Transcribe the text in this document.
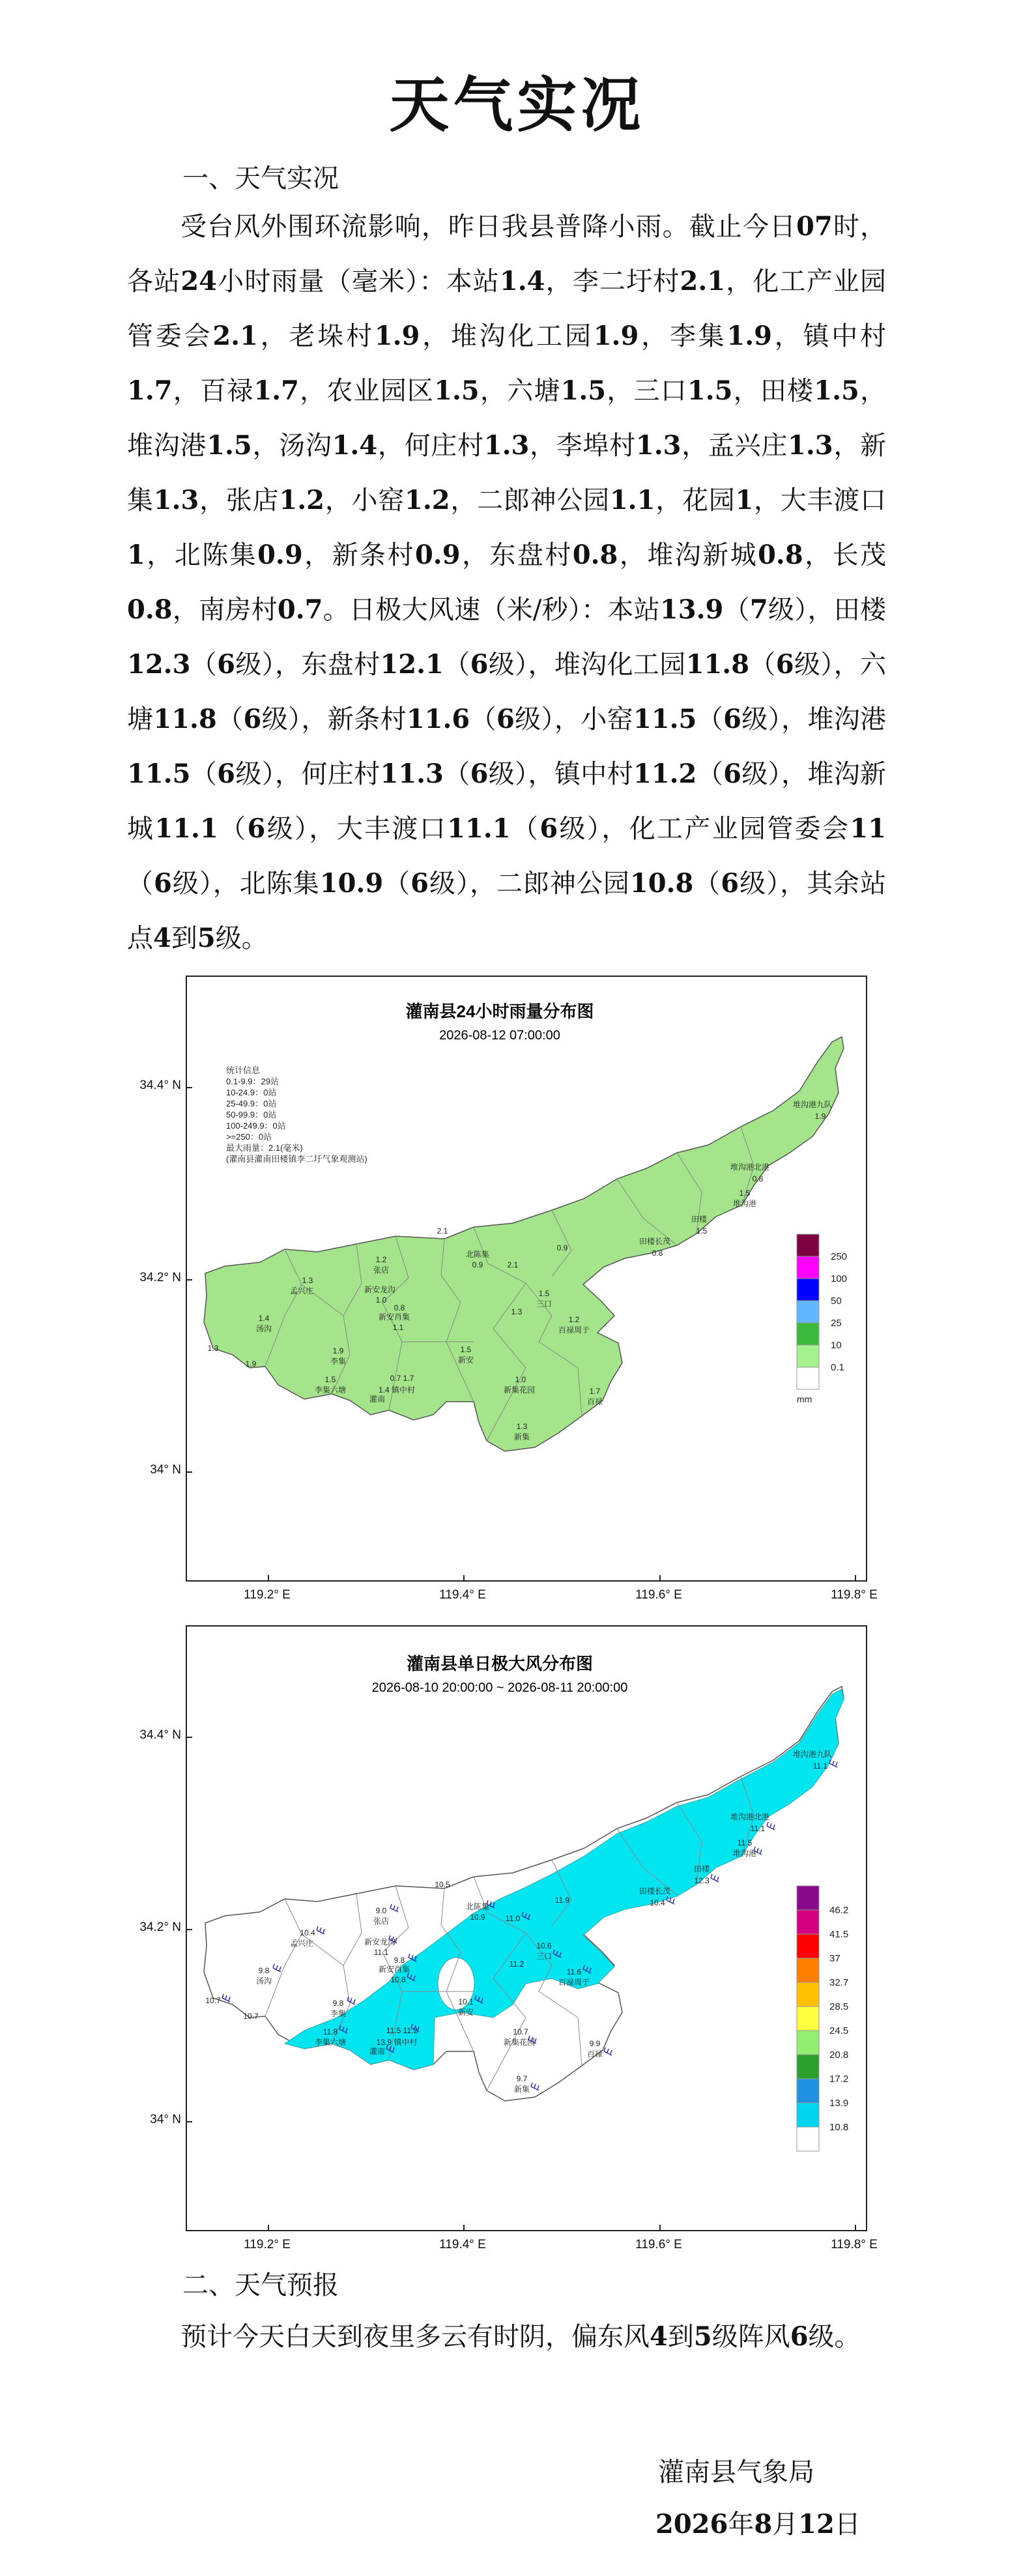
天气实况
一、天气实况

受台风外围环流影响，昨日我县普降小雨。截止今日07时，各站24小时雨量（毫米）：本站1.4，李二圩村2.1，化工产业园管委会2.1，老垛村1.9，堆沟化工园1.9，李集1.9，镇中村1.7，百禄1.7，农业园区1.5，六塘1.5，三口1.5，田楼1.5，堆沟港1.5，汤沟1.4，何庄村1.3，李埠村1.3，孟兴庄1.3，新集1.3，张店1.2，小窑1.2，二郎神公园1.1，花园1，大丰渡口1，北陈集0.9，新条村0.9，东盘村0.8，堆沟新城0.8，长茂0.8，南房村0.7。日极大风速（米/秒）：本站13.9（7级），田楼12.3（6级），东盘村12.1（6级），堆沟化工园11.8（6级），六塘11.8（6级），新条村11.6（6级），小窑11.5（6级），堆沟港11.5（6级），何庄村11.3（6级），镇中村11.2（6级），堆沟新城11.1（6级），大丰渡口11.1（6级），化工产业园管委会11（6级），北陈集10.9（6级），二郎神公园10.8（6级），其余站点4到5级。

灌南县24小时雨量分布图
2026-08-12 07:00:00
统计信息
0.1-9.9：29站
10-24.9：0站
25-49.9：0站
50-99.9：0站
100-249.9：0站
>=250：0站
最大雨量：2.1(毫米)
(灌南县灌南田楼镇李二圩气象观测站)
堆沟港九队
1.9
堆沟港北港
0.8
1.5
堆沟港
田楼
1.5
田楼长茂
0.8
2.1
1.2
张店
北陈集
0.9	2.1
0.9
1.3
孟兴庄	新安龙沟
1.0
0.8
新安肖集
1.1
1.5
三口
1.3
1.4
汤沟
1.2
百禄周于
1.3
1.9
1.9
李集
1.5
新安
1.5
李集六塘
0.7 1.7
1.4 镇中村
灌南
1.0
新集花园	1.7
百禄
1.3
新集
250
100
50
25
10
0.1
mm
灌南县单日极大风分布图
2026-08-10 20:00:00 ~ 2026-08-11 20:00:00
堆沟港九队
11.1
堆沟港北港
11.1
11.5
堆沟港
田楼
12.3
田楼长茂
10.4
10.5
9.0
张店
北陈集
10.9	11.0
11.9
10.4
孟兴庄	新安龙沟
11.1
9.8
新安肖集
10.8
10.6
三口
11.2
9.8
汤沟
11.6
百禄周于
10.7
10.7
9.8
李集
10.1
新安
11.8
李集六塘
11.5 11.2
13.9 镇中村
灌南
10.7
新集花园	9.9
百禄
9.7
新集
46.2
41.5
37
32.7
28.5
24.5
20.8
17.2
13.9
10.8
二、天气预报

预计今天白天到夜里多云有时阴，偏东风4到5级阵风6级。

灌南县气象局
2026年8月12日
34.4° N
34.2° N
34° N
119.2° E	119.4° E	119.6° E	119.8° E
34.4° N
34.2° N
34° N
119.2° E	119.4° E	119.6° E	119.8° E
